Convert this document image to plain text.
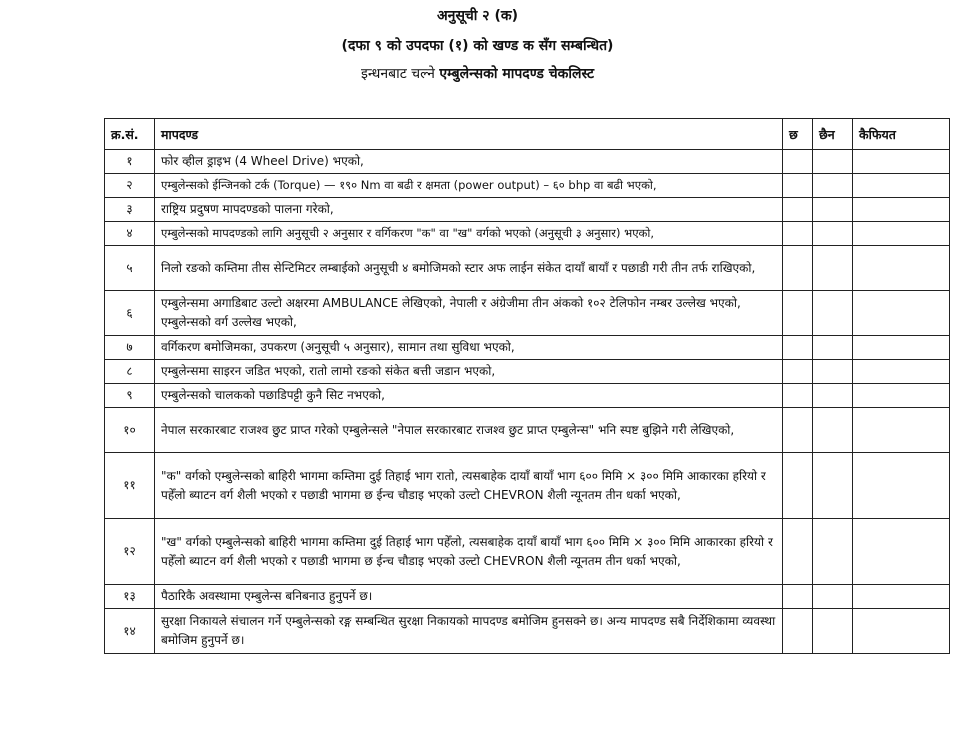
अनुसूची २ (क)
(दफा ९ को उपदफा (१) को खण्ड क सँग सम्बन्धित)
इन्धनबाट चल्ने एम्बुलेन्सको मापदण्ड चेकलिस्ट
क्र.सं.	मापदण्ड	छ	छैन	कैफियत
१	फोर व्हील ड्राइभ (4 Wheel Drive) भएको,			
२	एम्बुलेन्सको ईन्जिनको टर्क (Torque) — १९० Nm वा बढी र क्षमता (power output) – ६० bhp वा बढी भएको,			
३	राष्ट्रिय प्रदुषण मापदण्डको पालना गरेको,			
४	एम्बुलेन्सको मापदण्डको लागि अनुसूची २ अनुसार र वर्गिकरण "क" वा "ख" वर्गको भएको (अनुसूची ३ अनुसार) भएको,			
५	निलो रङको कम्तिमा तीस सेन्टिमिटर लम्बाईको अनुसूची ४ बमोजिमको स्टार अफ लाईन संकेत दायाँ बायाँ र पछाडी गरी तीन तर्फ राखिएको,			
६	एम्बुलेन्समा अगाडिबाट उल्टो अक्षरमा AMBULANCE लेखिएको, नेपाली र अंग्रेजीमा तीन अंकको १०२ टेलिफोन नम्बर उल्लेख भएको, एम्बुलेन्सको वर्ग उल्लेख भएको,			
७	वर्गिकरण बमोजिमका, उपकरण (अनुसूची ५ अनुसार), सामान तथा सुविधा भएको,			
८	एम्बुलेन्समा साइरन जडित भएको, रातो लामो रङको संकेत बत्ती जडान भएको,			
९	एम्बुलेन्सको चालकको पछाडिपट्टी कुनै सिट नभएको,			
१०	नेपाल सरकारबाट राजश्व छुट प्राप्त गरेको एम्बुलेन्सले "नेपाल सरकारबाट राजश्व छुट प्राप्त एम्बुलेन्स" भनि स्पष्ट बुझिने गरी लेखिएको,			
११	"क" वर्गको एम्बुलेन्सको बाहिरी भागमा कम्तिमा दुई तिहाई भाग रातो, त्यसबाहेक दायाँ बायाँ भाग ६०० मिमि × ३०० मिमि आकारका हरियो र पहेँलो ब्याटन वर्ग शैली भएको र पछाडी भागमा छ ईन्च चौडाइ भएको उल्टो CHEVRON शैली न्यूनतम तीन धर्का भएको,			
१२	"ख" वर्गको एम्बुलेन्सको बाहिरी भागमा कम्तिमा दुई तिहाई भाग पहेँलो, त्यसबाहेक दायाँ बायाँ भाग ६०० मिमि × ३०० मिमि आकारका हरियो र पहेँलो ब्याटन वर्ग शैली भएको र पछाडी भागमा छ ईन्च चौडाइ भएको उल्टो CHEVRON शैली न्यूनतम तीन धर्का भएको,			
१३	पैठारिकै अवस्थामा एम्बुलेन्स बनिबनाउ हुनुपर्ने छ।			
१४	सुरक्षा निकायले संचालन गर्ने एम्बुलेन्सको रङ्ग सम्बन्धित सुरक्षा निकायको मापदण्ड बमोजिम हुनसक्ने छ। अन्य मापदण्ड सबै निर्देशिकामा व्यवस्था बमोजिम हुनुपर्ने छ।			
